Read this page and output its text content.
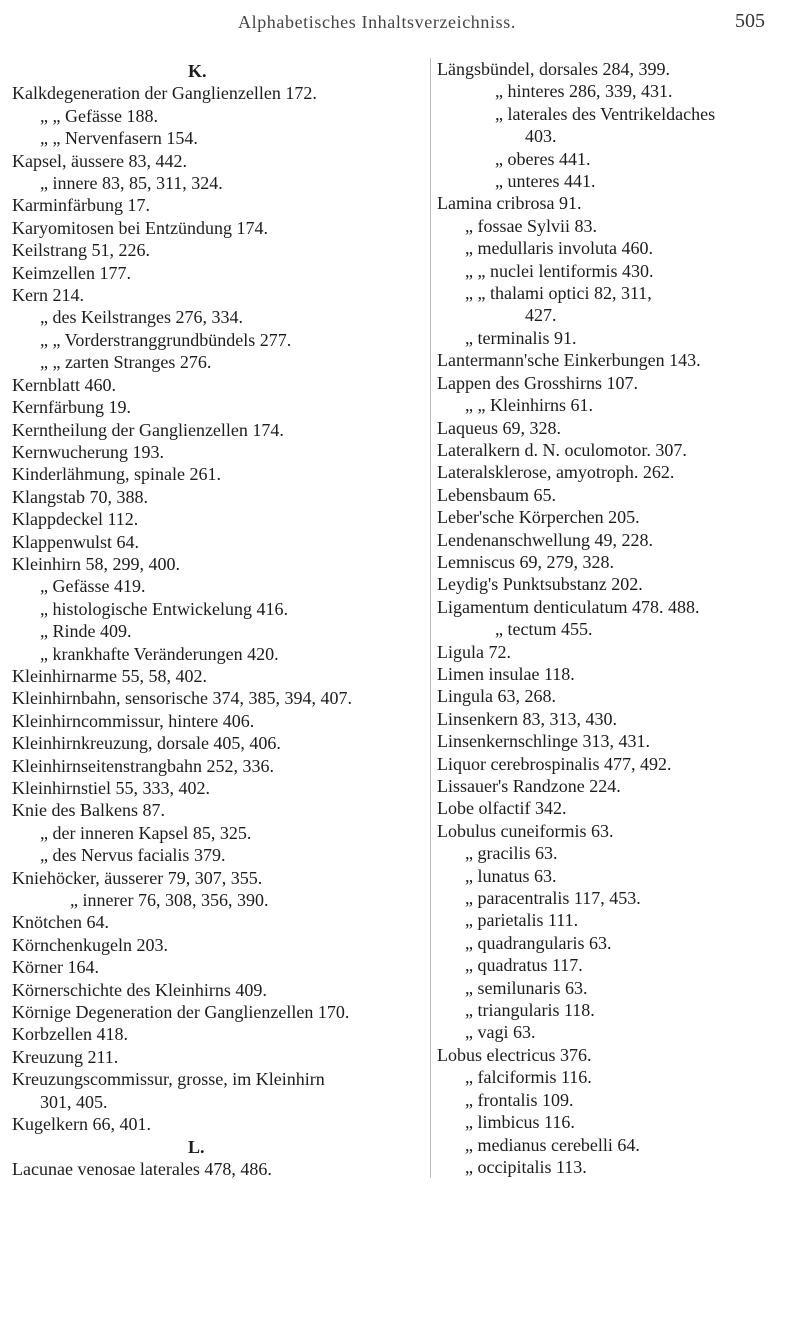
Alphabetisches Inhaltsverzeichniss.	505
K.
Kalkdegeneration der Ganglienzellen 172.
„ „ Gefässe 188.
„ „ Nervenfasern 154.
Kapsel, äussere 83, 442.
„ innere 83, 85, 311, 324.
Karminfärbung 17.
Karyomitosen bei Entzündung 174.
Keilstrang 51, 226.
Keimzellen 177.
Kern 214.
„ des Keilstranges 276, 334.
„ „ Vorderstranggrundbündels 277.
„ „ zarten Stranges 276.
Kernblatt 460.
Kernfärbung 19.
Kerntheilung der Ganglienzellen 174.
Kernwucherung 193.
Kinderlähmung, spinale 261.
Klangstab 70, 388.
Klappdeckel 112.
Klappenwulst 64.
Kleinhirn 58, 299, 400.
„ Gefässe 419.
„ histologische Entwickelung 416.
„ Rinde 409.
„ krankhafte Veränderungen 420.
Kleinhirnarme 55, 58, 402.
Kleinhirnbahn, sensorische 374, 385, 394, 407.
Kleinhirncommissur, hintere 406.
Kleinhirnkreuzung, dorsale 405, 406.
Kleinhirnseitenstrangbahn 252, 336.
Kleinhirnstiel 55, 333, 402.
Knie des Balkens 87.
„ der inneren Kapsel 85, 325.
„ des Nervus facialis 379.
Kniehöcker, äusserer 79, 307, 355.
„ innerer 76, 308, 356, 390.
Knötchen 64.
Körnchenkugeln 203.
Körner 164.
Körnerschichte des Kleinhirns 409.
Körnige Degeneration der Ganglienzellen 170.
Korbzellen 418.
Kreuzung 211.
Kreuzungscommissur, grosse, im Kleinhirn
301, 405.
Kugelkern 66, 401.
L.
Lacunae venosae laterales 478, 486.
Längsbündel, dorsales 284, 399.
„ hinteres 286, 339, 431.
„ laterales des Ventrikeldaches
403.
„ oberes 441.
„ unteres 441.
Lamina cribrosa 91.
„ fossae Sylvii 83.
„ medullaris involuta 460.
„ „ nuclei lentiformis 430.
„ „ thalami optici 82, 311,
427.
„ terminalis 91.
Lantermann'sche Einkerbungen 143.
Lappen des Grosshirns 107.
„ „ Kleinhirns 61.
Laqueus 69, 328.
Lateralkern d. N. oculomotor. 307.
Lateralsklerose, amyotroph. 262.
Lebensbaum 65.
Leber'sche Körperchen 205.
Lendenanschwellung 49, 228.
Lemniscus 69, 279, 328.
Leydig's Punktsubstanz 202.
Ligamentum denticulatum 478. 488.
„ tectum 455.
Ligula 72.
Limen insulae 118.
Lingula 63, 268.
Linsenkern 83, 313, 430.
Linsenkernschlinge 313, 431.
Liquor cerebrospinalis 477, 492.
Lissauer's Randzone 224.
Lobe olfactif 342.
Lobulus cuneiformis 63.
„ gracilis 63.
„ lunatus 63.
„ paracentralis 117, 453.
„ parietalis 111.
„ quadrangularis 63.
„ quadratus 117.
„ semilunaris 63.
„ triangularis 118.
„ vagi 63.
Lobus electricus 376.
„ falciformis 116.
„ frontalis 109.
„ limbicus 116.
„ medianus cerebelli 64.
„ occipitalis 113.
